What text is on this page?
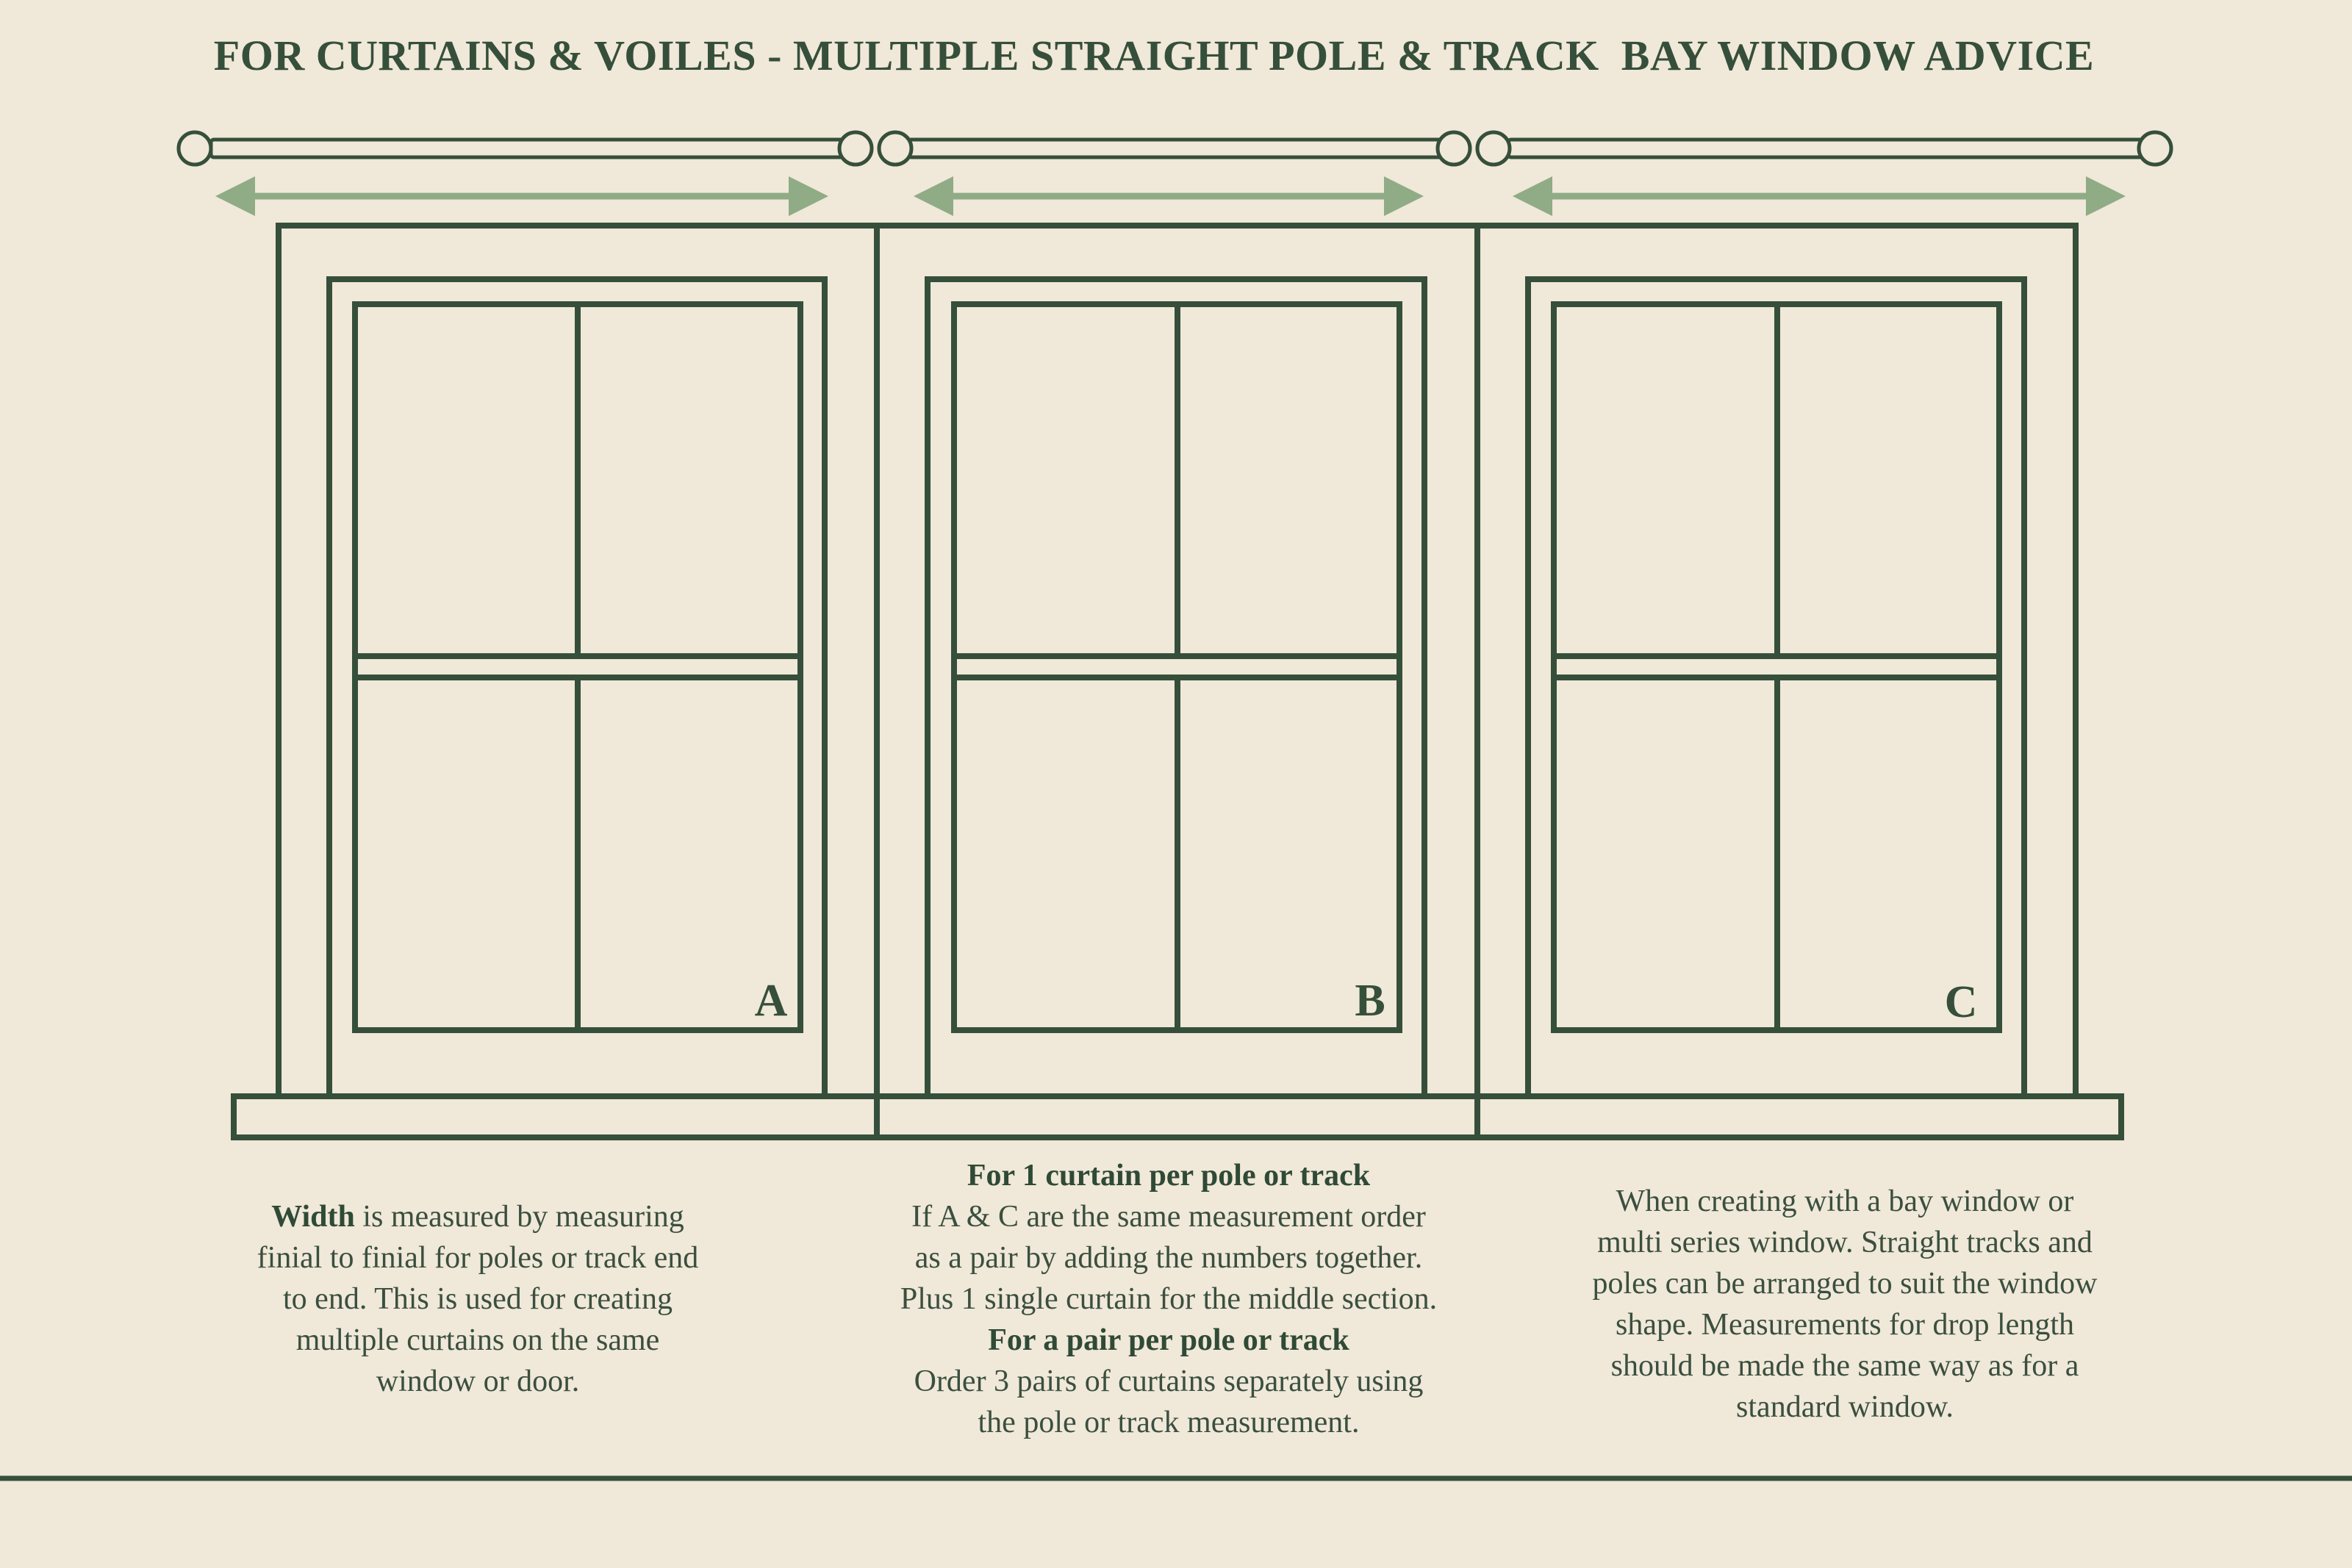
FOR CURTAINS & VOILES - MULTIPLE STRAIGHT POLE & TRACK  BAY WINDOW ADVICE
A	B	C
Width is measured by measuring
finial to finial for poles or track end
to end. This is used for creating
multiple curtains on the same
window or door.
For 1 curtain per pole or track
If A & C are the same measurement order
as a pair by adding the numbers together.
Plus 1 single curtain for the middle section.
For a pair per pole or track
Order 3 pairs of curtains separately using
the pole or track measurement.
When creating with a bay window or
multi series window. Straight tracks and
poles can be arranged to suit the window
shape. Measurements for drop length
should be made the same way as for a
standard window.
